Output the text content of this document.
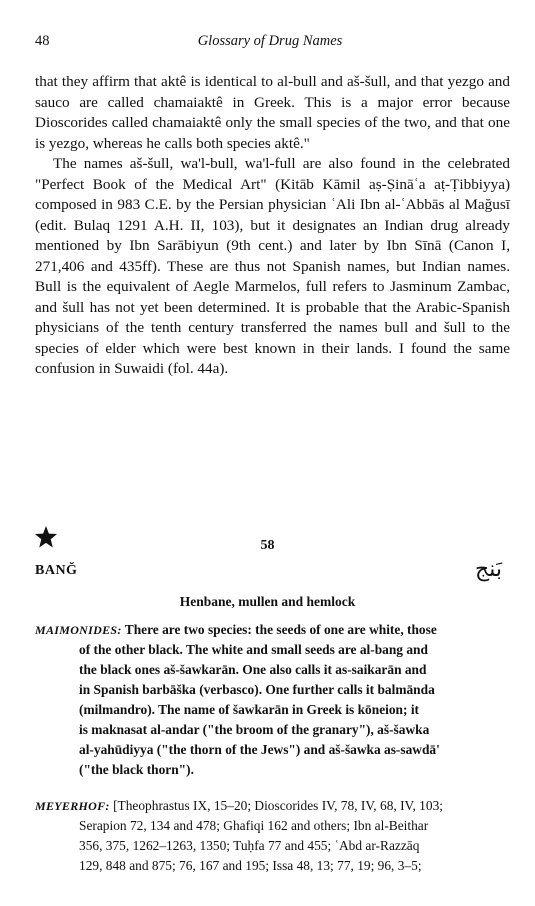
48	Glossary of Drug Names

that they affirm that aktê is identical to al-bull and aš-šull, and that yezgo and sauco are called chamaiaktê in Greek. This is a major error because Dioscorides called chamaiaktê only the small species of the two, and that one is yezgo, whereas he calls both species aktê."

The names aš-šull, wa'l-bull, wa'l-full are also found in the celebrated "Perfect Book of the Medical Art" (Kitāb Kāmil aṣ-Ṣināʿa aṭ-Ṭibbiyya) composed in 983 C.E. by the Persian physician ʿAli Ibn al-ʿAbbās al Mağusī (edit. Bulaq 1291 A.H. II, 103), but it designates an Indian drug already mentioned by Ibn Sarābiyun (9th cent.) and later by Ibn Sīnā (Canon I, 271,406 and 435ff). These are thus not Spanish names, but Indian names. Bull is the equivalent of Aegle Marmelos, full refers to Jasminum Zambac, and šull has not yet been determined. It is probable that the Arabic-Spanish physicians of the tenth century transferred the names bull and šull to the species of elder which were best known in their lands. I found the same confusion in Suwaidi (fol. 44a).

58
BANĞ	بَنج
Henbane, mullen and hemlock
MAIMONIDES: There are two species: the seeds of one are white, those
of the other black. The white and small seeds are al-bang and
the black ones aš-šawkarān. One also calls it as-saikarān and
in Spanish barbāška (verbasco). One further calls it balmānda
(milmandro). The name of šawkarān in Greek is kōneion; it
is maknasat al-andar ("the broom of the granary"), aš-šawka
al-yahūdiyya ("the thorn of the Jews") and aš-šawka as-sawdā'
("the black thorn").
MEYERHOF: [Theophrastus IX, 15–20; Dioscorides IV, 78, IV, 68, IV, 103;
Serapion 72, 134 and 478; Ghafiqi 162 and others; Ibn al-Beithar
356, 375, 1262–1263, 1350; Tuḥfa 77 and 455; ʿAbd ar-Razzāq
129, 848 and 875; 76, 167 and 195; Issa 48, 13; 77, 19; 96, 3–5;
